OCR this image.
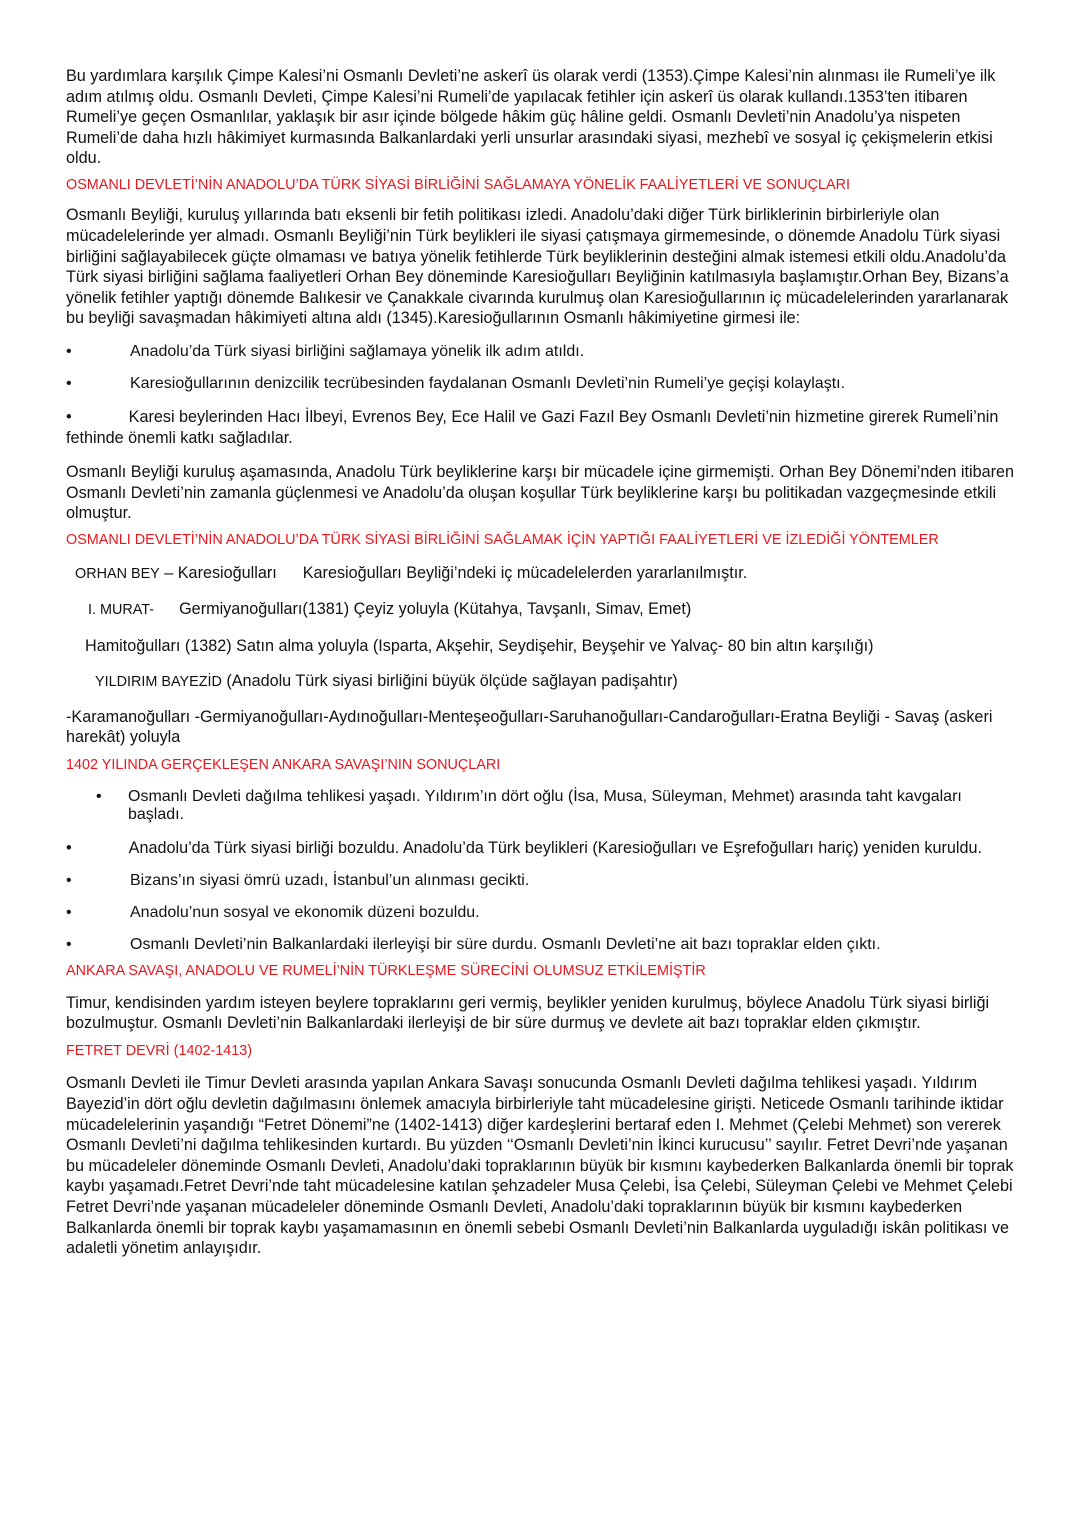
Bu yardımlara karşılık Çimpe Kalesi’ni Osmanlı Devleti’ne askerî üs olarak verdi (1353).Çimpe Kalesi’nin alınması ile Rumeli’ye ilk adım atılmış oldu. Osmanlı Devleti, Çimpe Kalesi’ni Rumeli’de yapılacak fetihler için askerî üs olarak kullandı.1353’ten itibaren Rumeli’ye geçen Osmanlılar, yaklaşık bir asır içinde bölgede hâkim güç hâline geldi. Osmanlı Devleti’nin Anadolu’ya nispeten Rumeli’de daha hızlı hâkimiyet kurmasında Balkanlardaki yerli unsurlar arasındaki siyasi, mezhebî ve sosyal iç çekişmelerin etkisi oldu.

OSMANLI DEVLETİ’NİN ANADOLU’DA TÜRK SİYASİ BİRLİĞİNİ SAĞLAMAYA YÖNELİK FAALİYETLERİ VE SONUÇLARI

Osmanlı Beyliği, kuruluş yıllarında batı eksenli bir fetih politikası izledi. Anadolu’daki diğer Türk birliklerinin birbirleriyle olan mücadelelerinde yer almadı. Osmanlı Beyliği’nin Türk beylikleri ile siyasi çatışmaya girmemesinde, o dönemde Anadolu Türk siyasi birliğini sağlayabilecek güçte olmaması ve batıya yönelik fetihlerde Türk beyliklerinin desteğini almak istemesi etkili oldu.Anadolu’da Türk siyasi birliğini sağlama faaliyetleri Orhan Bey döneminde Karesioğulları Beyliğinin katılmasıyla başlamıştır.Orhan Bey, Bizans’a yönelik fetihler yaptığı dönemde Balıkesir ve Çanakkale civarında kurulmuş olan Karesioğullarının iç mücadelelerinden yararlanarak bu beyliği savaşmadan hâkimiyeti altına aldı (1345).Karesioğullarının Osmanlı hâkimiyetine girmesi ile:

•	Anadolu’da Türk siyasi birliğini sağlamaya yönelik ilk adım atıldı.
•	Karesioğullarının denizcilik tecrübesinden faydalanan Osmanlı Devleti’nin Rumeli’ye geçişi kolaylaştı.

•	Karesi beylerinden Hacı İlbeyi, Evrenos Bey, Ece Halil ve Gazi Fazıl Bey Osmanlı Devleti’nin hizmetine girerek Rumeli’nin fethinde önemli katkı sağladılar.

Osmanlı Beyliği kuruluş aşamasında, Anadolu Türk beyliklerine karşı bir mücadele içine girmemişti. Orhan Bey Dönemi’nden itibaren Osmanlı Devleti’nin zamanla güçlenmesi ve Anadolu’da oluşan koşullar Türk beyliklerine karşı bu politikadan vazgeçmesinde etkili olmuştur.

OSMANLI DEVLETİ’NİN ANADOLU’DA TÜRK SİYASİ BİRLİĞİNİ SAĞLAMAK İÇİN YAPTIĞI FAALİYETLERİ VE İZLEDİĞİ YÖNTEMLER

ORHAN BEY – Karesioğulları Karesioğulları Beyliği’ndeki iç mücadelelerden yararlanılmıştır.

I. MURAT- Germiyanoğulları(1381) Çeyiz yoluyla (Kütahya, Tavşanlı, Simav, Emet)

Hamitoğulları (1382) Satın alma yoluyla (Isparta, Akşehir, Seydişehir, Beyşehir ve Yalvaç- 80 bin altın karşılığı)

YILDIRIM BAYEZİD (Anadolu Türk siyasi birliğini büyük ölçüde sağlayan padişahtır)

-Karamanoğulları -Germiyanoğulları-Aydınoğulları-Menteşeoğulları-Saruhanoğulları-Candaroğulları-Eratna Beyliği - Savaş (askeri harekât) yoluyla

1402 YILINDA GERÇEKLEŞEN ANKARA SAVAŞI’NIN SONUÇLARI

•	Osmanlı Devleti dağılma tehlikesi yaşadı. Yıldırım’ın dört oğlu (İsa, Musa, Süleyman, Mehmet) arasında taht kavgaları başladı.

•	Anadolu’da Türk siyasi birliği bozuldu. Anadolu’da Türk beylikleri (Karesioğulları ve Eşrefoğulları hariç) yeniden kuruldu.

•	Bizans’ın siyasi ömrü uzadı, İstanbul’un alınması gecikti.
•	Anadolu’nun sosyal ve ekonomik düzeni bozuldu.
•	Osmanlı Devleti’nin Balkanlardaki ilerleyişi bir süre durdu. Osmanlı Devleti’ne ait bazı topraklar elden çıktı.

ANKARA SAVAŞI, ANADOLU VE RUMELİ’NİN TÜRKLEŞME SÜRECİNİ OLUMSUZ ETKİLEMİŞTİR

Timur, kendisinden yardım isteyen beylere topraklarını geri vermiş, beylikler yeniden kurulmuş, böylece Anadolu Türk siyasi birliği bozulmuştur. Osmanlı Devleti’nin Balkanlardaki ilerleyişi de bir süre durmuş ve devlete ait bazı topraklar elden çıkmıştır.

FETRET DEVRİ (1402-1413)

Osmanlı Devleti ile Timur Devleti arasında yapılan Ankara Savaşı sonucunda Osmanlı Devleti dağılma tehlikesi yaşadı. Yıldırım Bayezid’in dört oğlu devletin dağılmasını önlemek amacıyla birbirleriyle taht mücadelesine girişti. Neticede Osmanlı tarihinde iktidar mücadelelerinin yaşandığı “Fetret Dönemi”ne (1402-1413) diğer kardeşlerini bertaraf eden I. Mehmet (Çelebi Mehmet) son vererek Osmanlı Devleti’ni dağılma tehlikesinden kurtardı. Bu yüzden ‘‘Osmanlı Devleti’nin İkinci kurucusu’’ sayılır. Fetret Devri’nde yaşanan bu mücadeleler döneminde Osmanlı Devleti, Anadolu’daki topraklarının büyük bir kısmını kaybederken Balkanlarda önemli bir toprak kaybı yaşamadı.Fetret Devri’nde taht mücadelesine katılan şehzadeler Musa Çelebi, İsa Çelebi, Süleyman Çelebi ve Mehmet Çelebi Fetret Devri’nde yaşanan mücadeleler döneminde Osmanlı Devleti, Anadolu’daki topraklarının büyük bir kısmını kaybederken Balkanlarda önemli bir toprak kaybı yaşamamasının en önemli sebebi Osmanlı Devleti’nin Balkanlarda uyguladığı iskân politikası ve adaletli yönetim anlayışıdır.
